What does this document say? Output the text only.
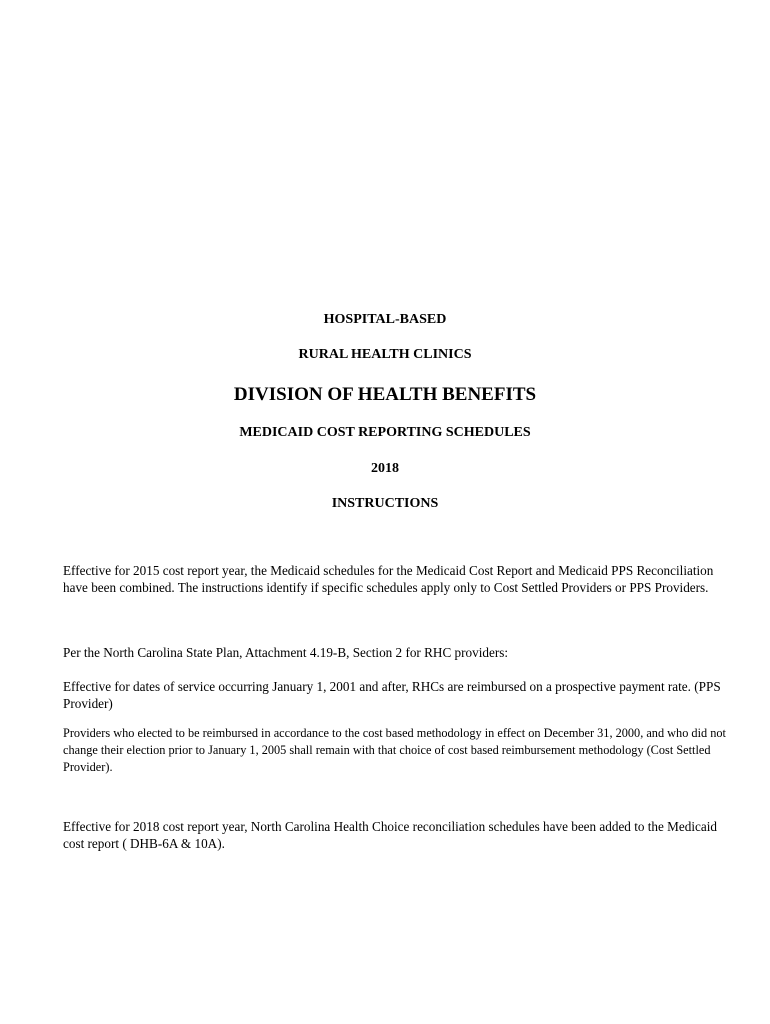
HOSPITAL-BASED
RURAL HEALTH CLINICS
DIVISION OF HEALTH BENEFITS
MEDICAID COST REPORTING SCHEDULES
2018
INSTRUCTIONS
Effective for 2015 cost report year, the Medicaid schedules for the Medicaid Cost Report and Medicaid PPS Reconciliation have been combined. The instructions identify if specific schedules apply only to Cost Settled Providers or PPS Providers.
Per the North Carolina State Plan, Attachment 4.19-B, Section 2 for RHC providers:
Effective for dates of service occurring January 1, 2001 and after, RHCs are reimbursed on a prospective payment rate. (PPS Provider)
Providers who elected to be reimbursed in accordance to the cost based methodology in effect on December 31, 2000, and who did not change their election prior to January 1, 2005 shall remain with that choice of cost based reimbursement methodology (Cost Settled Provider).
Effective for 2018 cost report year, North Carolina Health Choice reconciliation schedules have been added to the Medicaid cost report ( DHB-6A & 10A).
